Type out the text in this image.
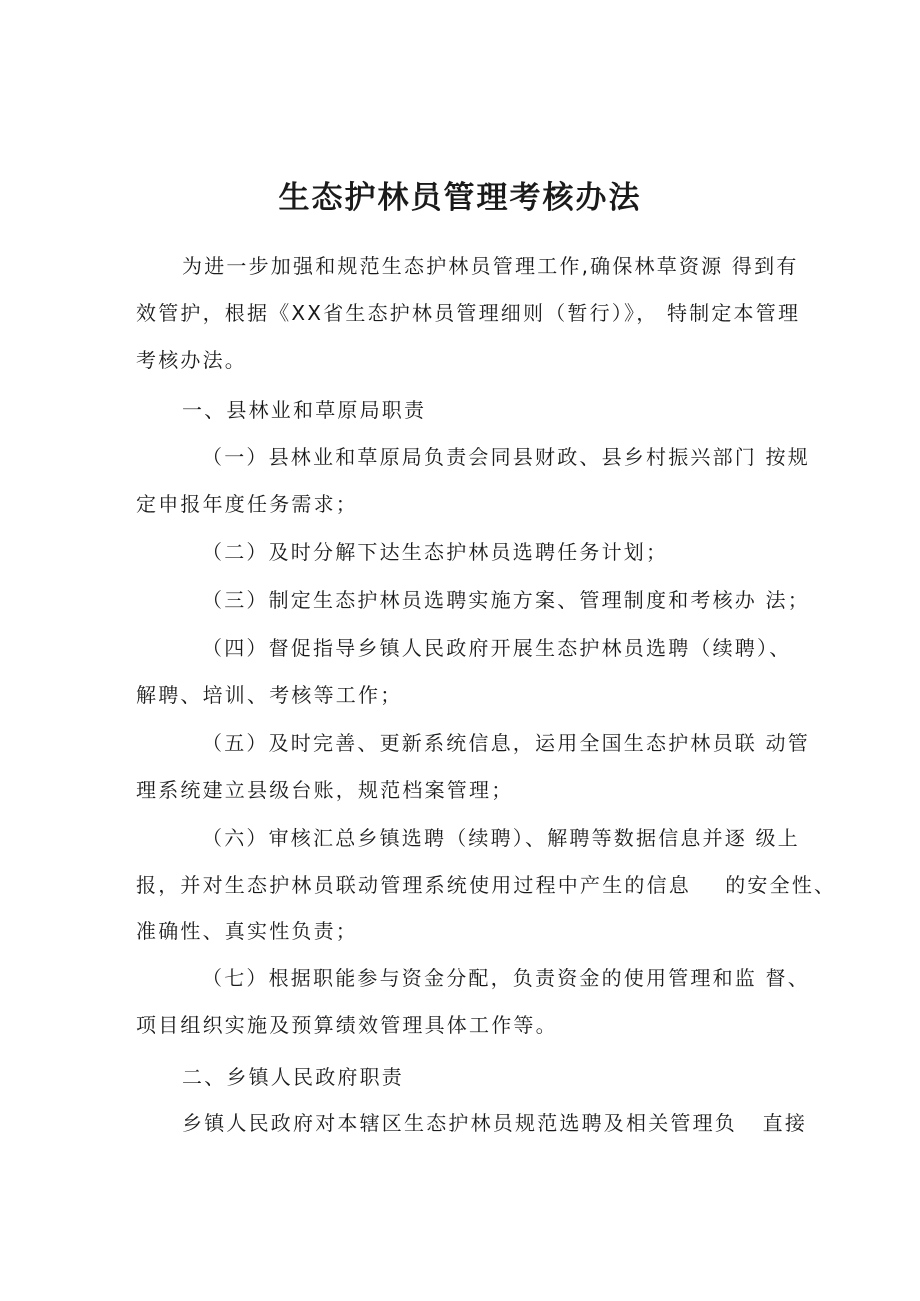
生态护林员管理考核办法
为进一步加强和规范生态护林员管理工作,确保林草资源 得到有
效管护，根据《XX省生态护林员管理细则（暂行）》， 特制定本管理
考核办法。
一、县林业和草原局职责
（一）县林业和草原局负责会同县财政、县乡村振兴部门 按规
定申报年度任务需求；
（二）及时分解下达生态护林员选聘任务计划；
（三）制定生态护林员选聘实施方案、管理制度和考核办 法；
（四）督促指导乡镇人民政府开展生态护林员选聘（续聘）、
解聘、培训、考核等工作；
（五）及时完善、更新系统信息，运用全国生态护林员联 动管
理系统建立县级台账，规范档案管理；
（六）审核汇总乡镇选聘（续聘）、解聘等数据信息并逐 级上
报，并对生态护林员联动管理系统使用过程中产生的信息    的安全性、
准确性、真实性负责；
（七）根据职能参与资金分配，负责资金的使用管理和监 督、
项目组织实施及预算绩效管理具体工作等。
二、乡镇人民政府职责
乡镇人民政府对本辖区生态护林员规范选聘及相关管理负   直接
